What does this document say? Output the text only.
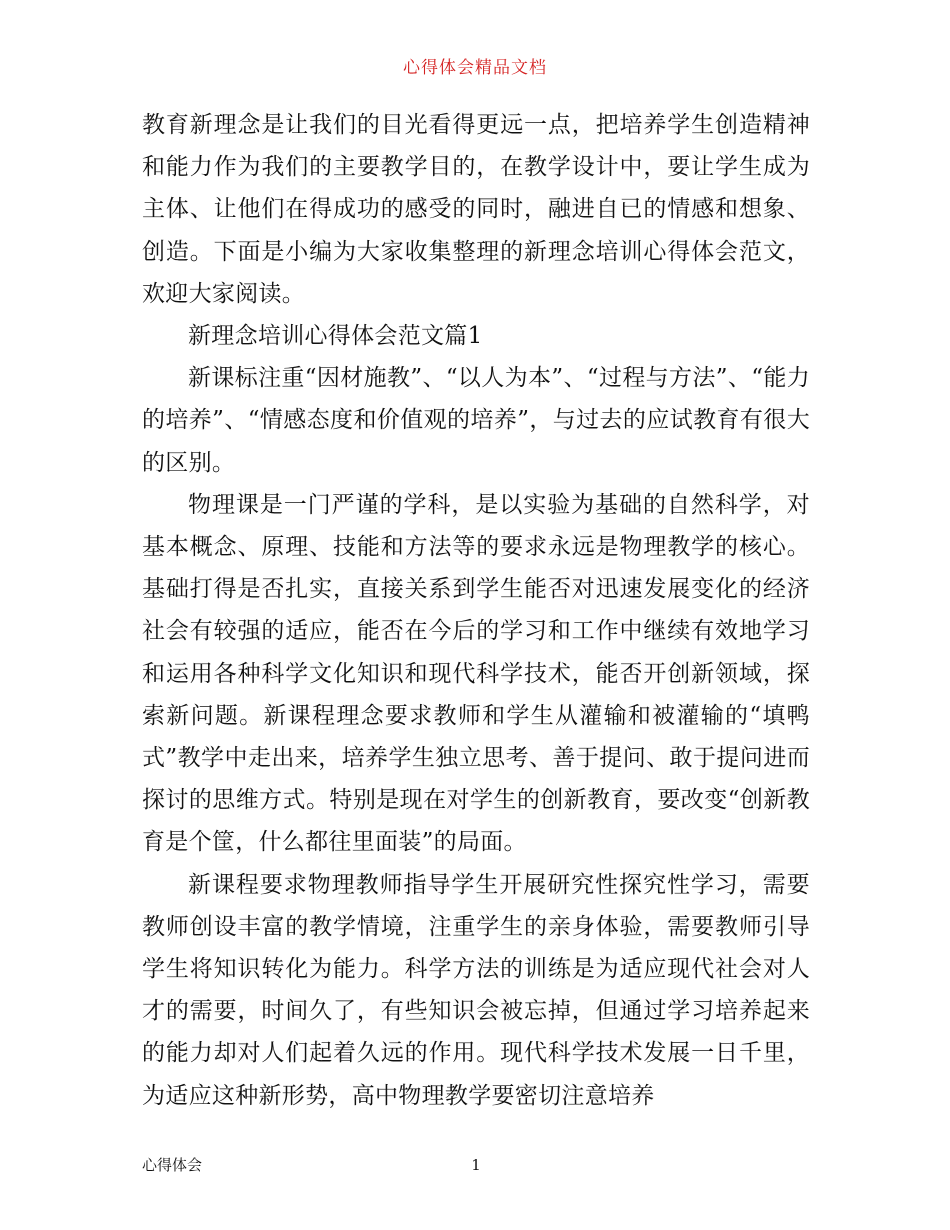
心得体会精品文档

教育新理念是让我们的目光看得更远一点，把培养学生创造精神和能力作为我们的主要教学目的，在教学设计中，要让学生成为主体、让他们在得成功的感受的同时，融进自已的情感和想象、创造。下面是小编为大家收集整理的新理念培训心得体会范文，欢迎大家阅读。

新理念培训心得体会范文篇1

新课标注重“因材施教”、“以人为本”、“过程与方法”、“能力的培养”、“情感态度和价值观的培养”，与过去的应试教育有很大的区别。

物理课是一门严谨的学科，是以实验为基础的自然科学，对基本概念、原理、技能和方法等的要求永远是物理教学的核心。基础打得是否扎实，直接关系到学生能否对迅速发展变化的经济社会有较强的适应，能否在今后的学习和工作中继续有效地学习和运用各种科学文化知识和现代科学技术，能否开创新领域，探索新问题。新课程理念要求教师和学生从灌输和被灌输的“填鸭式”教学中走出来，培养学生独立思考、善于提问、敢于提问进而探讨的思维方式。特别是现在对学生的创新教育，要改变“创新教育是个筐，什么都往里面装”的局面。

新课程要求物理教师指导学生开展研究性探究性学习，需要教师创设丰富的教学情境，注重学生的亲身体验，需要教师引导学生将知识转化为能力。科学方法的训练是为适应现代社会对人才的需要，时间久了，有些知识会被忘掉，但通过学习培养起来的能力却对人们起着久远的作用。现代科学技术发展一日千里，为适应这种新形势，高中物理教学要密切注意培养

1
心得体会
